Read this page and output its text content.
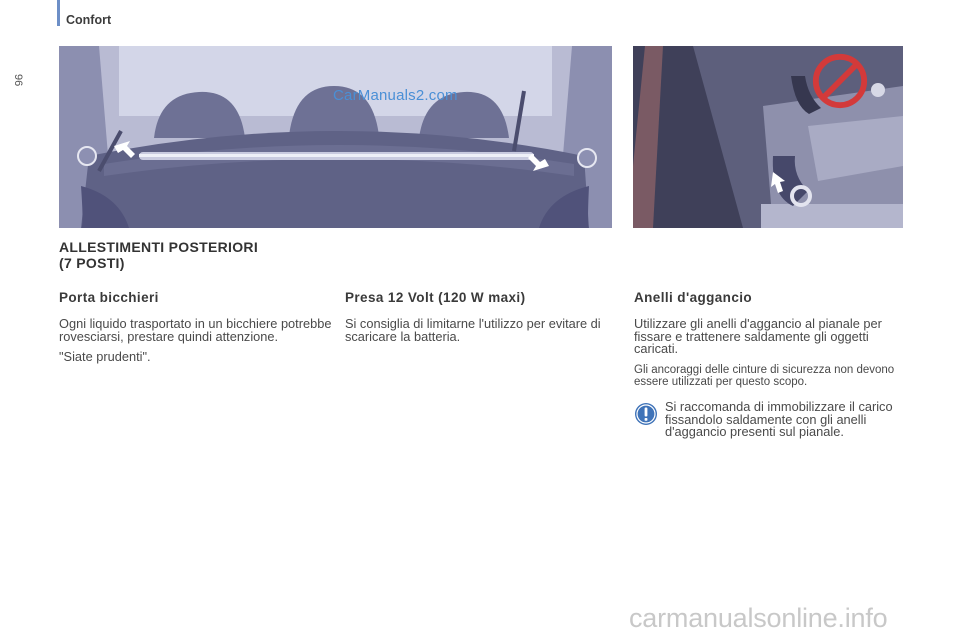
Confort
96
CarManuals2.com
ALLESTIMENTI POSTERIORI
(7 POSTI)
Porta bicchieri

Ogni liquido trasportato in un bicchiere potrebbe rovesciarsi, prestare quindi attenzione.

"Siate prudenti".

Presa 12 Volt (120 W maxi)

Si consiglia di limitarne l'utilizzo per evitare di scaricare la batteria.

Anelli d'aggancio

Utilizzare gli anelli d'aggancio al pianale per fissare e trattenere saldamente gli oggetti caricati.

Gli ancoraggi delle cinture di sicurezza non devono essere utilizzati per questo scopo.

Si raccomanda di immobilizzare il carico fissandolo saldamente con gli anelli d'aggancio presenti sul pianale.
carmanualsonline.info
